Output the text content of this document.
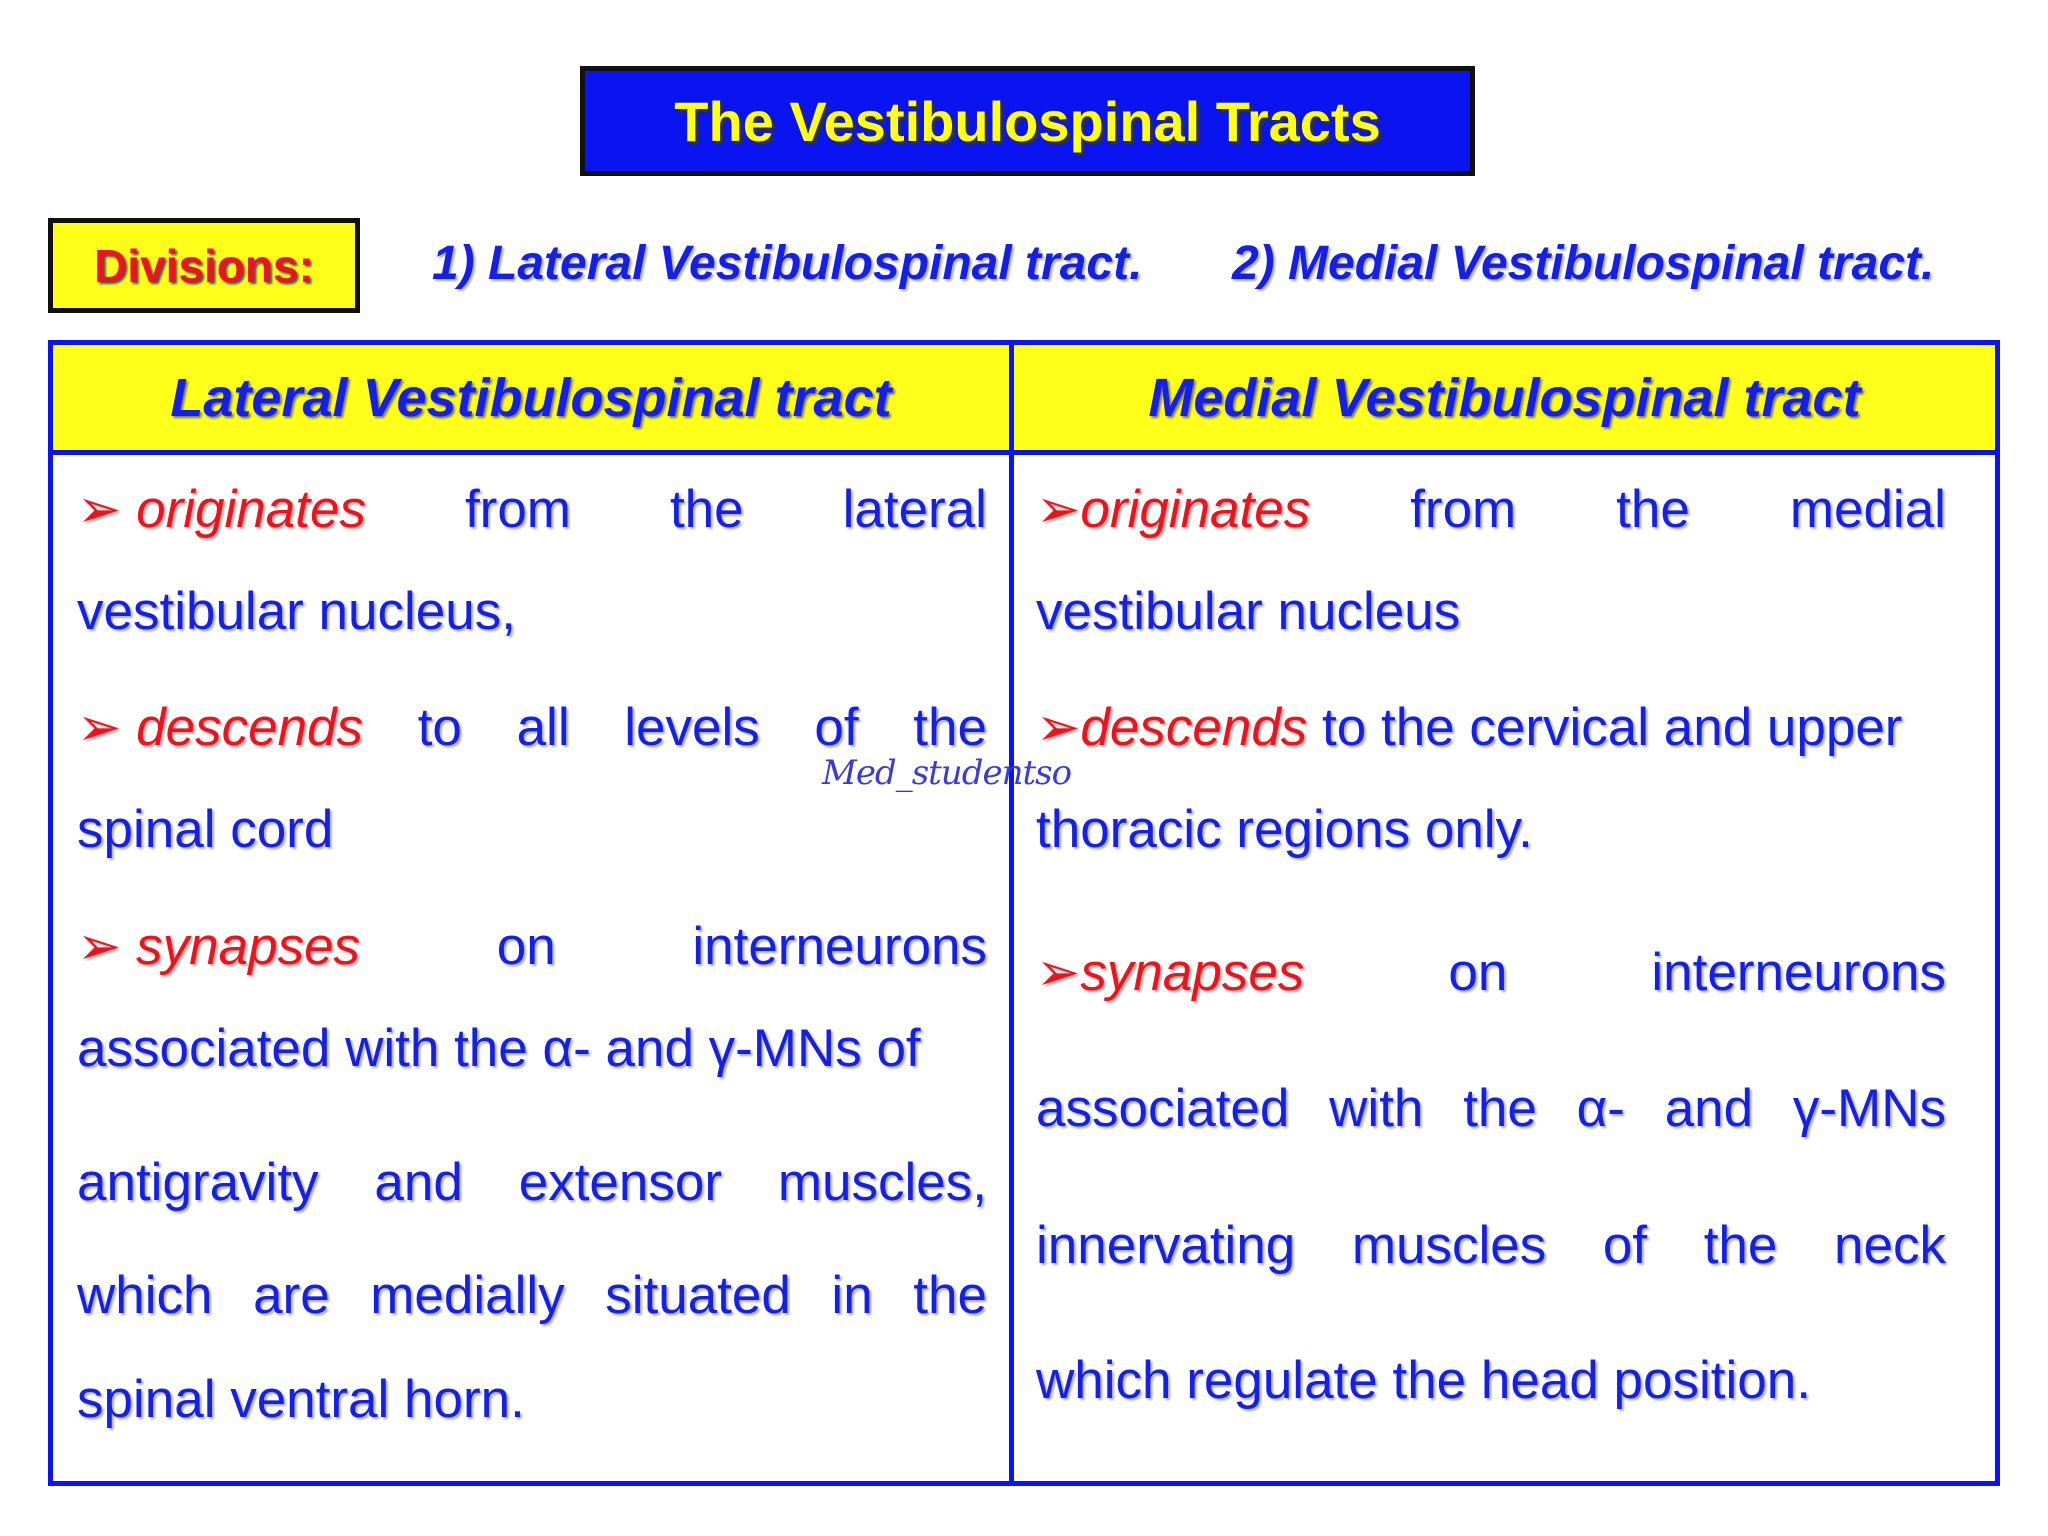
The Vestibulospinal Tracts
Divisions: 1) Lateral Vestibulospinal tract. 2) Medial Vestibulospinal tract.
Lateral Vestibulospinal tract	Medial Vestibulospinal tract
➢ originates from the lateral
vestibular nucleus,
➢ descends to all levels of the
spinal cord
➢ synapses	on	interneurons
associated with the α- and γ-MNs of
antigravity and extensor muscles,
which are medially situated in the
spinal ventral horn.
➢originates from the medial
vestibular nucleus
➢descends to the cervical and upper
thoracic regions only.
➢synapses	on	interneurons
associated with the α- and γ-MNs
innervating muscles of the neck
which regulate the head position.
Med_studentso
